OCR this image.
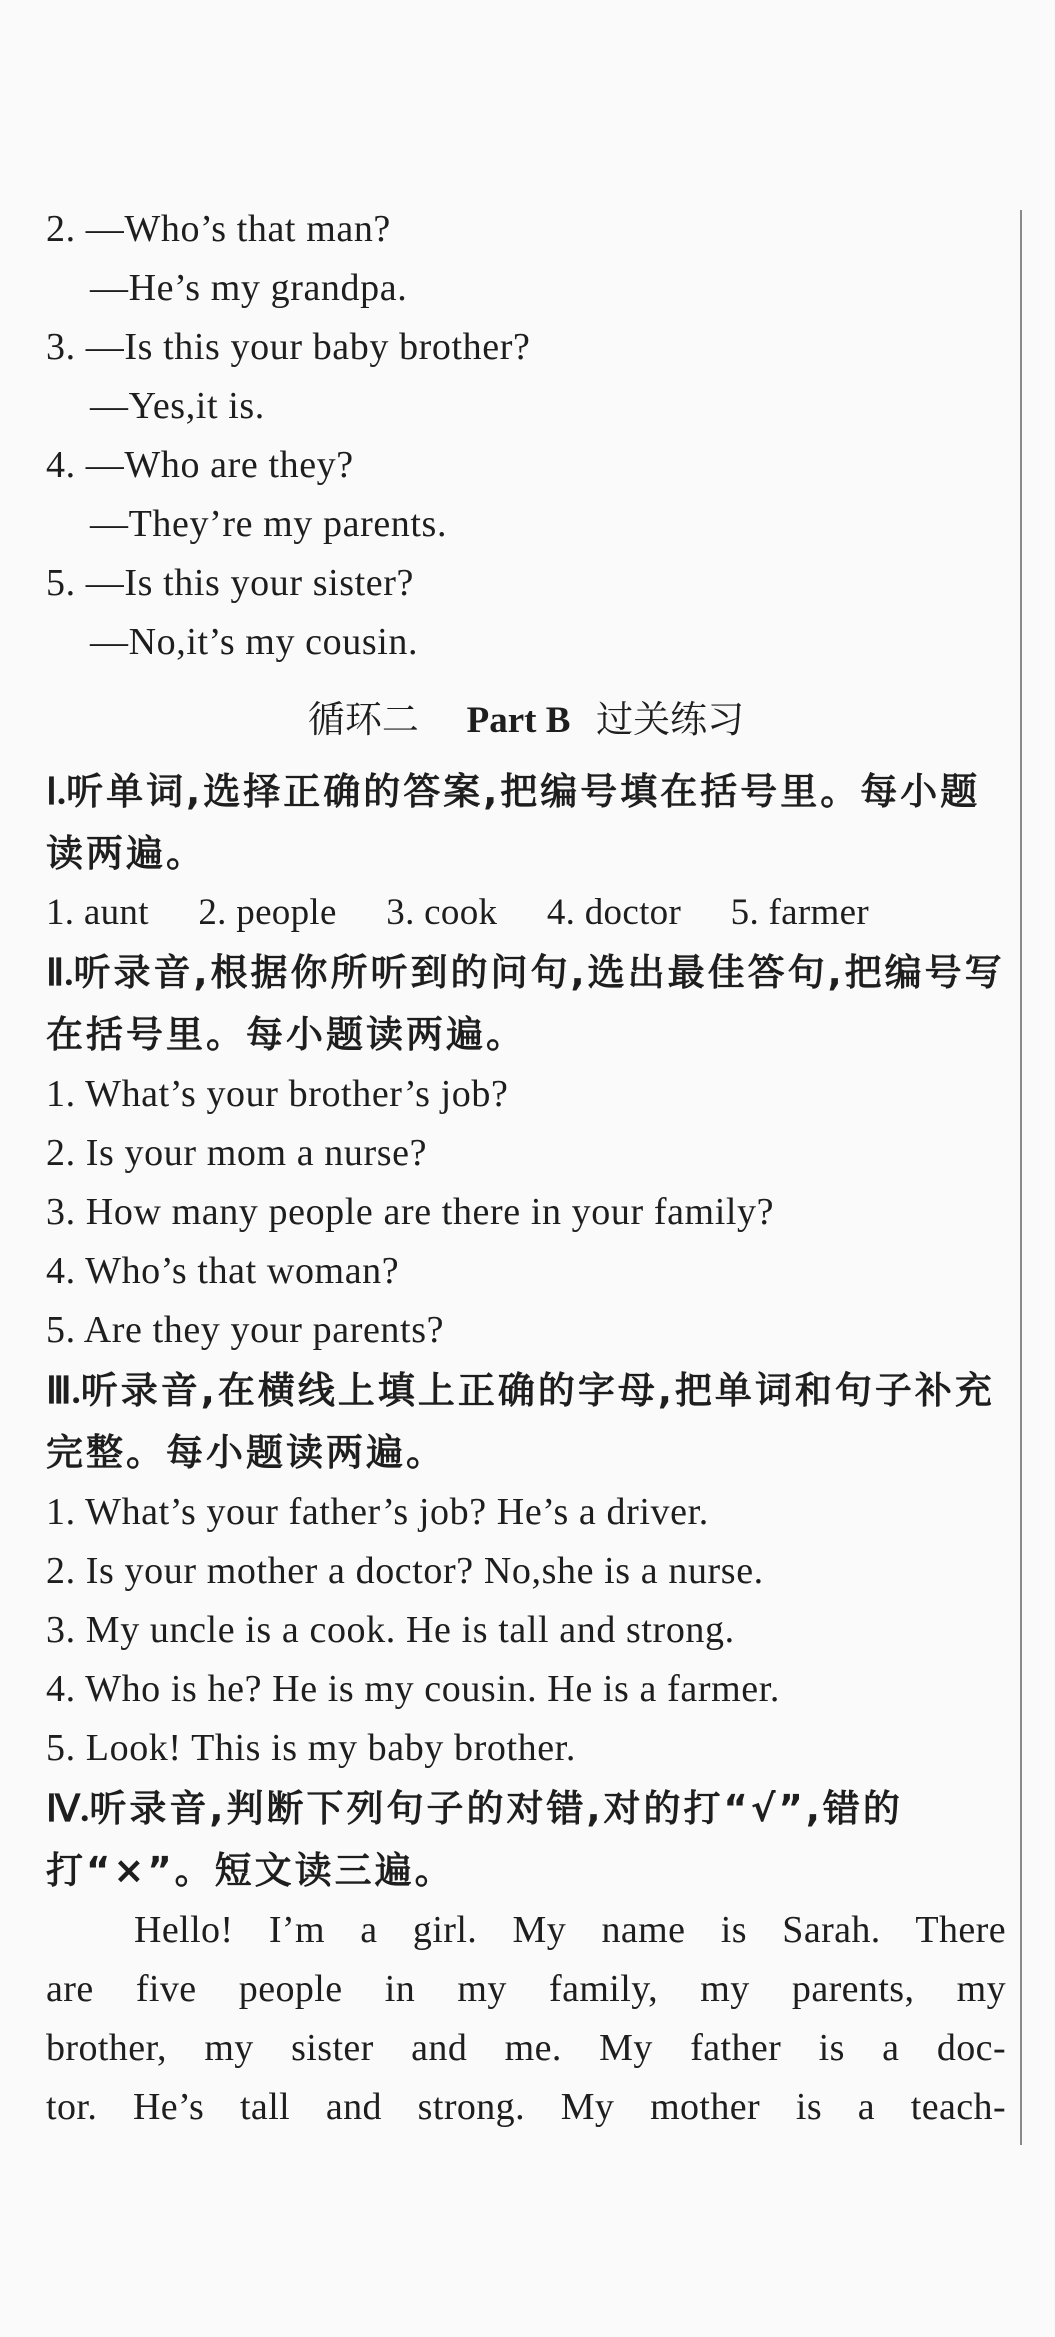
2. —Who’s that man?
—He’s my grandpa.
3. —Is this your baby brother?
—Yes,it is.
4. —Who are they?
—They’re my parents.
5. —Is this your sister?
—No,it’s my cousin.
循环二 Part B 过关练习
Ⅰ.听单词,选择正确的答案,把编号填在括号里。每小题读两遍。
1. aunt 2. people 3. cook 4. doctor 5. farmer
Ⅱ.听录音,根据你所听到的问句,选出最佳答句,把编号写在括号里。每小题读两遍。
1. What’s your brother’s job?
2. Is your mom a nurse?
3. How many people are there in your family?
4. Who’s that woman?
5. Are they your parents?
Ⅲ.听录音,在横线上填上正确的字母,把单词和句子补充完整。每小题读两遍。
1. What’s your father’s job? He’s a driver.
2. Is your mother a doctor? No,she is a nurse.
3. My uncle is a cook. He is tall and strong.
4. Who is he? He is my cousin. He is a farmer.
5. Look! This is my baby brother.
Ⅳ.听录音,判断下列句子的对错,对的打“√”,错的打“×”。短文读三遍。
Hello! I’m a girl. My name is Sarah. There
are five people in my family, my parents, my
brother, my sister and me. My father is a doc-
tor. He’s tall and strong. My mother is a teach-
